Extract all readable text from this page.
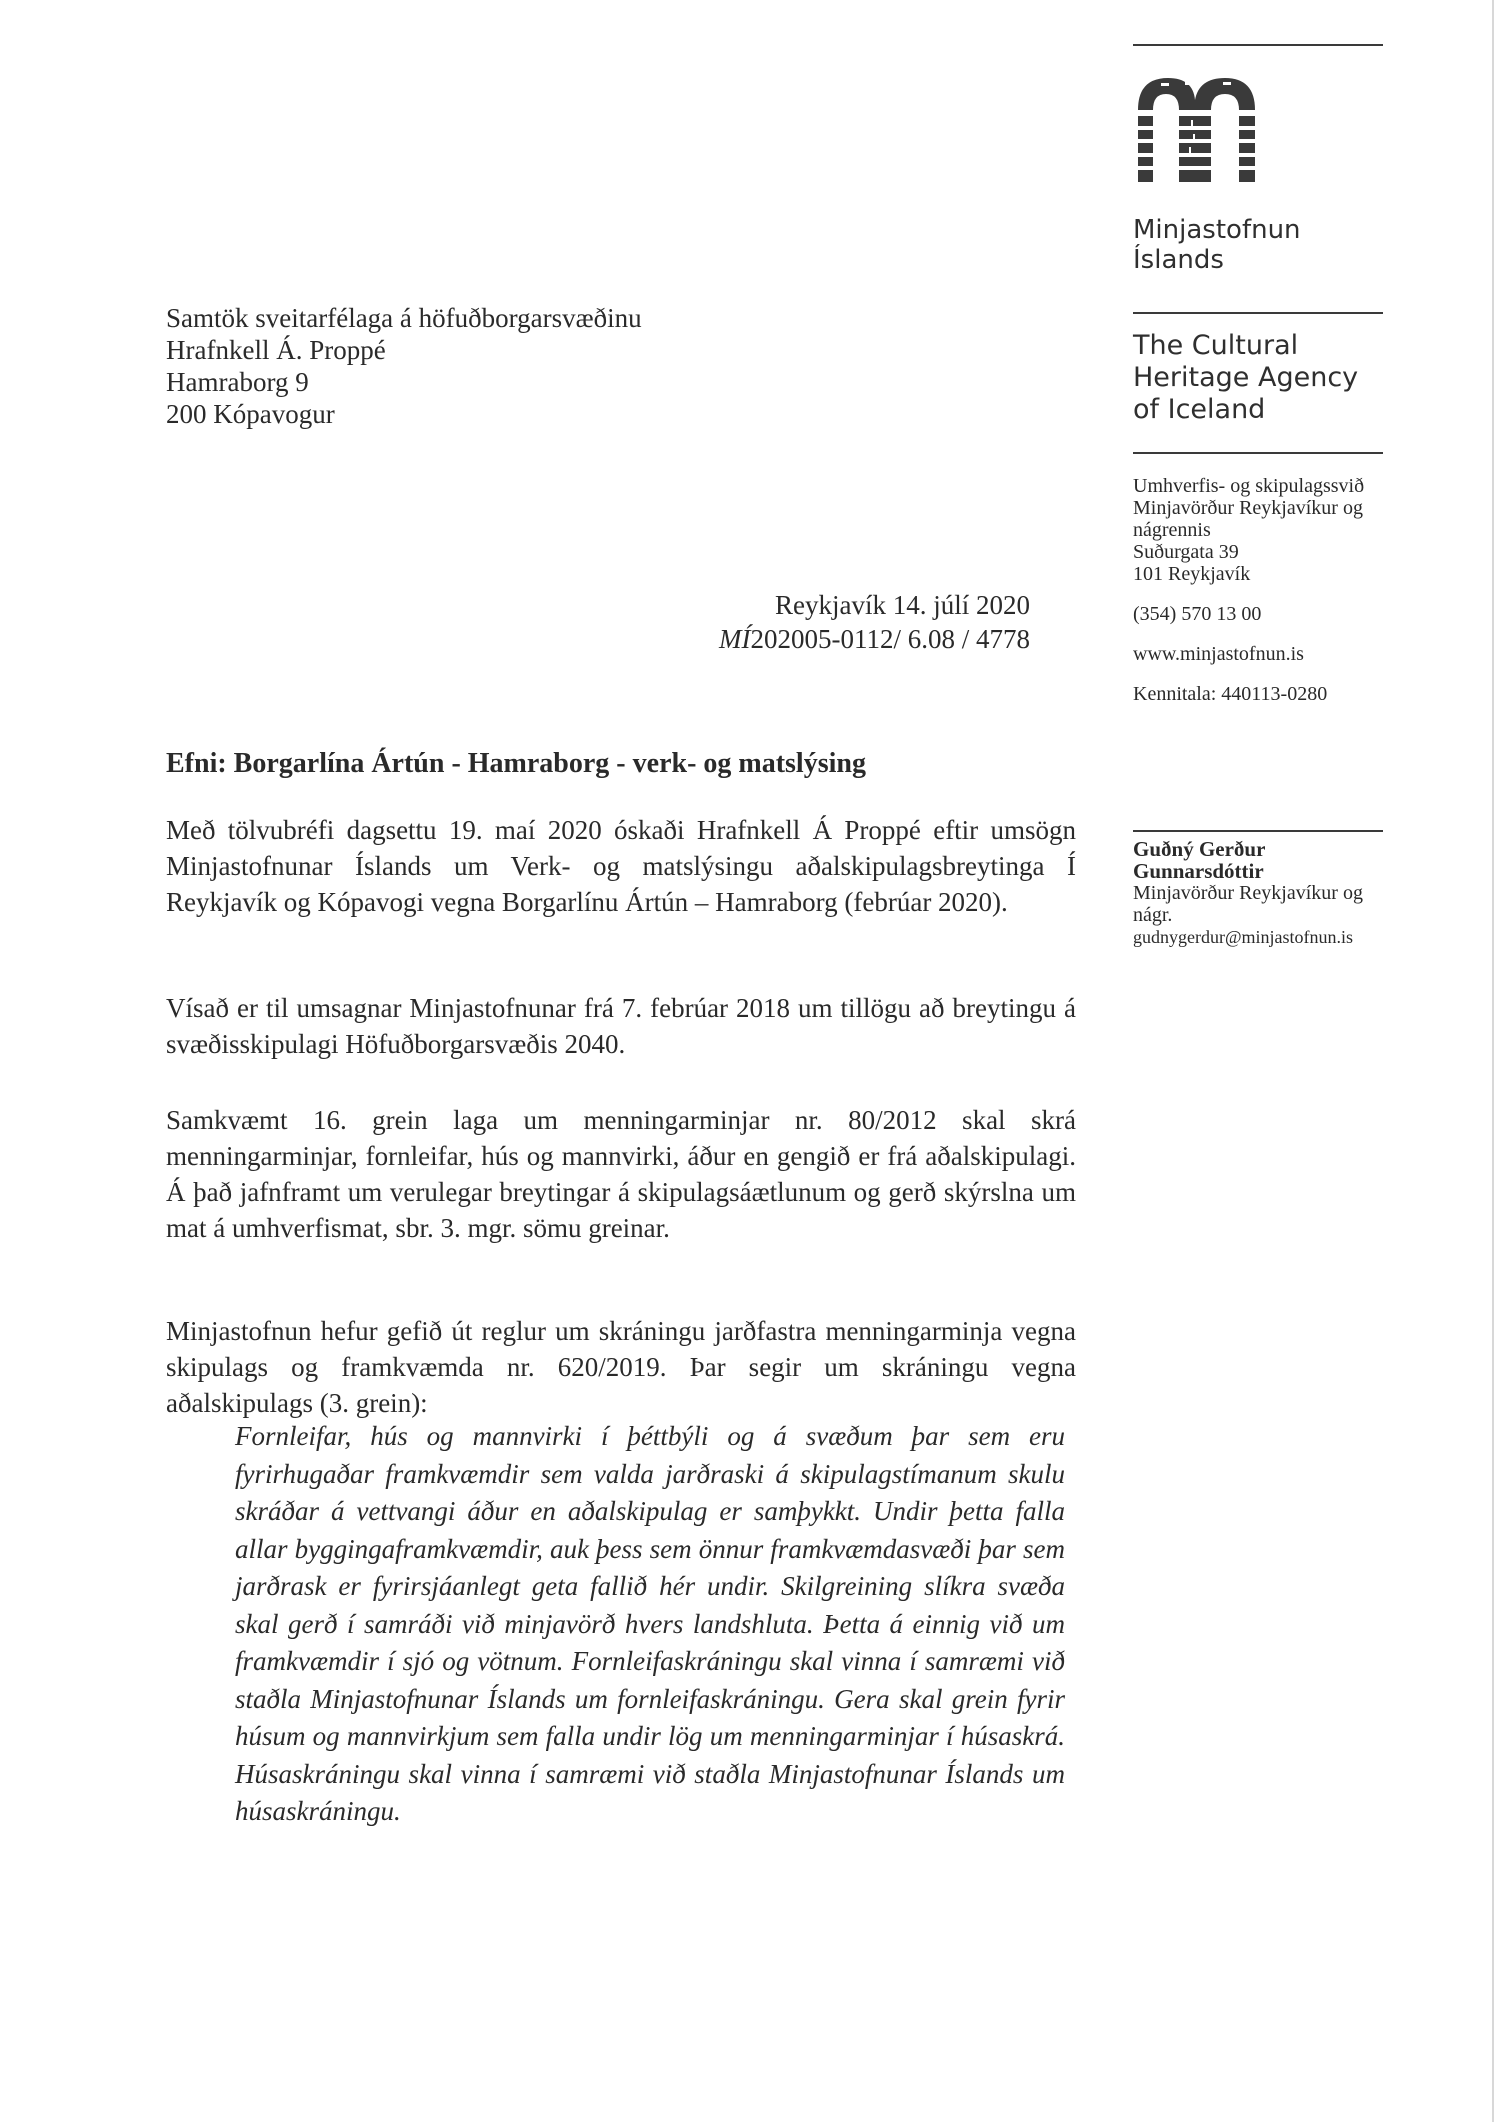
Samtök sveitarfélaga á höfuðborgarsvæðinu
Hrafnkell Á. Proppé
Hamraborg 9
200 Kópavogur
Reykjavík 14. júlí 2020
MÍ202005-0112/ 6.08 / 4778
Efni: Borgarlína Ártún - Hamraborg - verk- og matslýsing
Með tölvubréfi dagsettu 19. maí 2020 óskaði Hrafnkell Á Proppé eftir umsögn Minjastofnunar Íslands um Verk- og matslýsingu aðalskipulagsbreytinga Í Reykjavík og Kópavogi vegna Borgarlínu Ártún – Hamraborg (febrúar 2020).
Vísað er til umsagnar Minjastofnunar frá 7. febrúar 2018 um tillögu að breytingu á svæðisskipulagi Höfuðborgarsvæðis 2040.
Samkvæmt 16. grein laga um menningarminjar nr. 80/2012 skal skrá menningarminjar, fornleifar, hús og mannvirki, áður en gengið er frá aðalskipulagi. Á það jafnframt um verulegar breytingar á skipulagsáætlunum og gerð skýrslna um mat á umhverfismat, sbr. 3. mgr. sömu greinar.
Minjastofnun hefur gefið út reglur um skráningu jarðfastra menningarminja vegna skipulags og framkvæmda nr. 620/2019. Þar segir um skráningu vegna aðalskipulags (3. grein):
Fornleifar, hús og mannvirki í þéttbýli og á svæðum þar sem eru fyrirhugaðar framkvæmdir sem valda jarðraski á skipulagstímanum skulu skráðar á vettvangi áður en aðalskipulag er samþykkt. Undir þetta falla allar byggingaframkvæmdir, auk þess sem önnur framkvæmdasvæði þar sem jarðrask er fyrirsjáanlegt geta fallið hér undir. Skilgreining slíkra svæða skal gerð í samráði við minjavörð hvers landshluta. Þetta á einnig við um framkvæmdir í sjó og vötnum. Fornleifaskráningu skal vinna í samræmi við staðla Minjastofnunar Íslands um fornleifaskráningu. Gera skal grein fyrir húsum og mannvirkjum sem falla undir lög um menningarminjar í húsaskrá. Húsaskráningu skal vinna í samræmi við staðla Minjastofnunar Íslands um húsaskráningu.
Minjastofnun
Íslands
The Cultural
Heritage Agency
of Iceland
Umhverfis- og skipulagssvið
Minjavörður Reykjavíkur og
nágrennis
Suðurgata 39
101 Reykjavík
(354) 570 13 00
www.minjastofnun.is
Kennitala: 440113-0280
Guðný Gerður
Gunnarsdóttir
Minjavörður Reykjavíkur og
nágr.
gudnygerdur@minjastofnun.is
